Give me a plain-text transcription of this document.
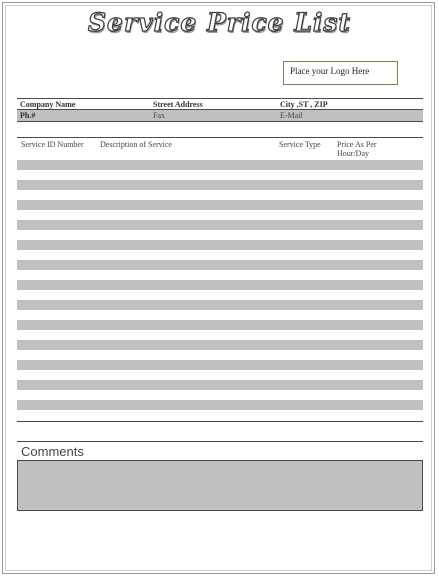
Service Price List
Place your Logo Here
Company Name	Street Address	City ,ST , ZIP
Ph.#	Fax	E-Mail
Service ID Number	Description of Service	Service Type	Price As Per Hour/Day
Comments
